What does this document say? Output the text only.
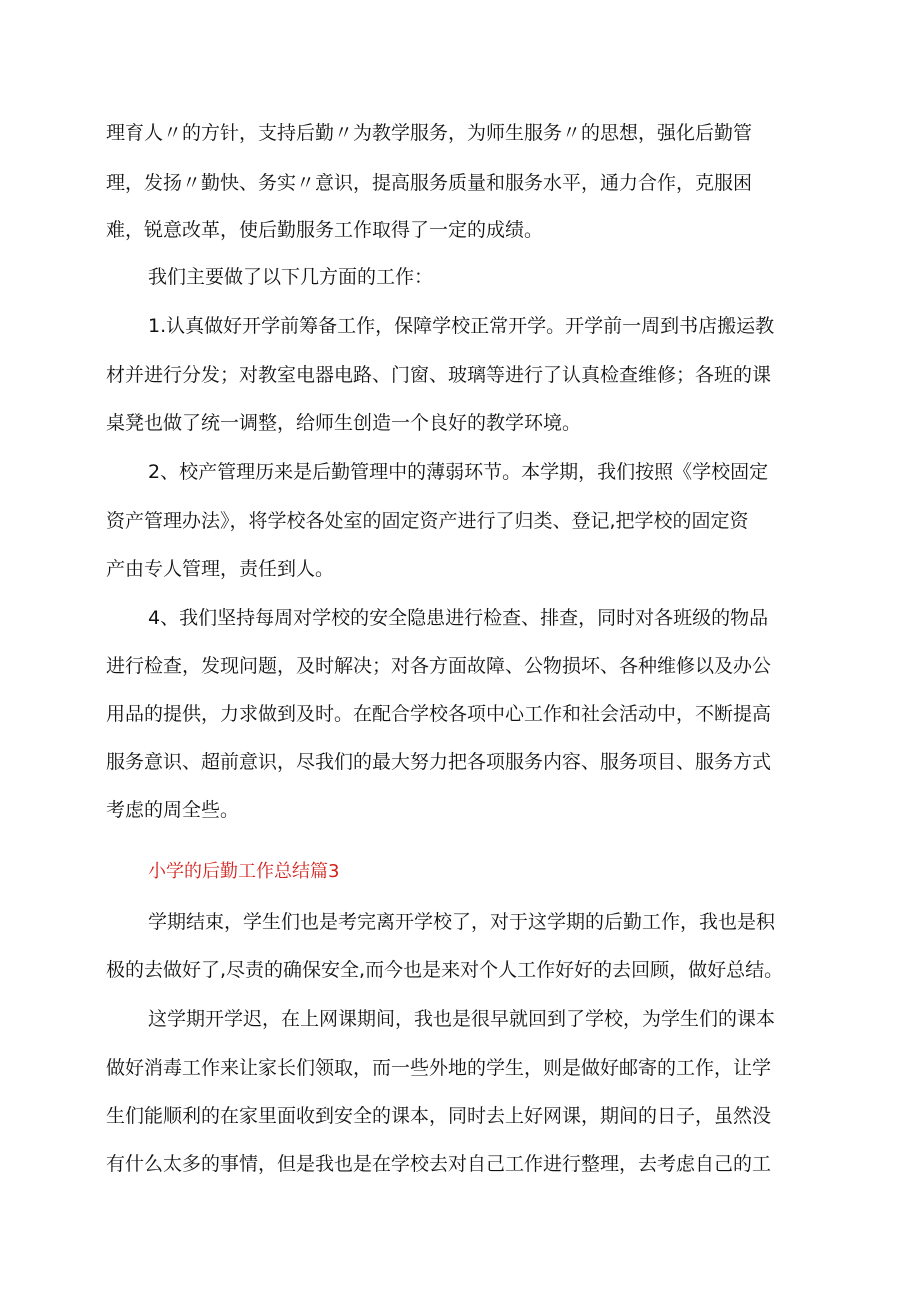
理育人〃的方针，支持后勤〃为教学服务，为师生服务〃的思想，强化后勤管
理，发扬〃勤快、务实〃意识，提高服务质量和服务水平，通力合作，克服困
难，锐意改革，使后勤服务工作取得了一定的成绩。
我们主要做了以下几方面的工作：
1.认真做好开学前筹备工作，保障学校正常开学。开学前一周到书店搬运教
材并进行分发；对教室电器电路、门窗、玻璃等进行了认真检查维修；各班的课
桌凳也做了统一调整，给师生创造一个良好的教学环境。
2、校产管理历来是后勤管理中的薄弱环节。本学期，我们按照《学校固定
资产管理办法》，将学校各处室的固定资产进行了归类、登记,把学校的固定资
产由专人管理，责任到人。
4、我们坚持每周对学校的安全隐患进行检查、排查，同时对各班级的物品
进行检查，发现问题，及时解决；对各方面故障、公物损坏、各种维修以及办公
用品的提供，力求做到及时。在配合学校各项中心工作和社会活动中，不断提高
服务意识、超前意识，尽我们的最大努力把各项服务内容、服务项目、服务方式
考虑的周全些。
小学的后勤工作总结篇3
学期结束，学生们也是考完离开学校了，对于这学期的后勤工作，我也是积
极的去做好了,尽责的确保安全,而今也是来对个人工作好好的去回顾，做好总结。
这学期开学迟，在上网课期间，我也是很早就回到了学校，为学生们的课本
做好消毒工作来让家长们领取，而一些外地的学生，则是做好邮寄的工作，让学
生们能顺利的在家里面收到安全的课本，同时去上好网课，期间的日子，虽然没
有什么太多的事情，但是我也是在学校去对自己工作进行整理，去考虑自己的工
